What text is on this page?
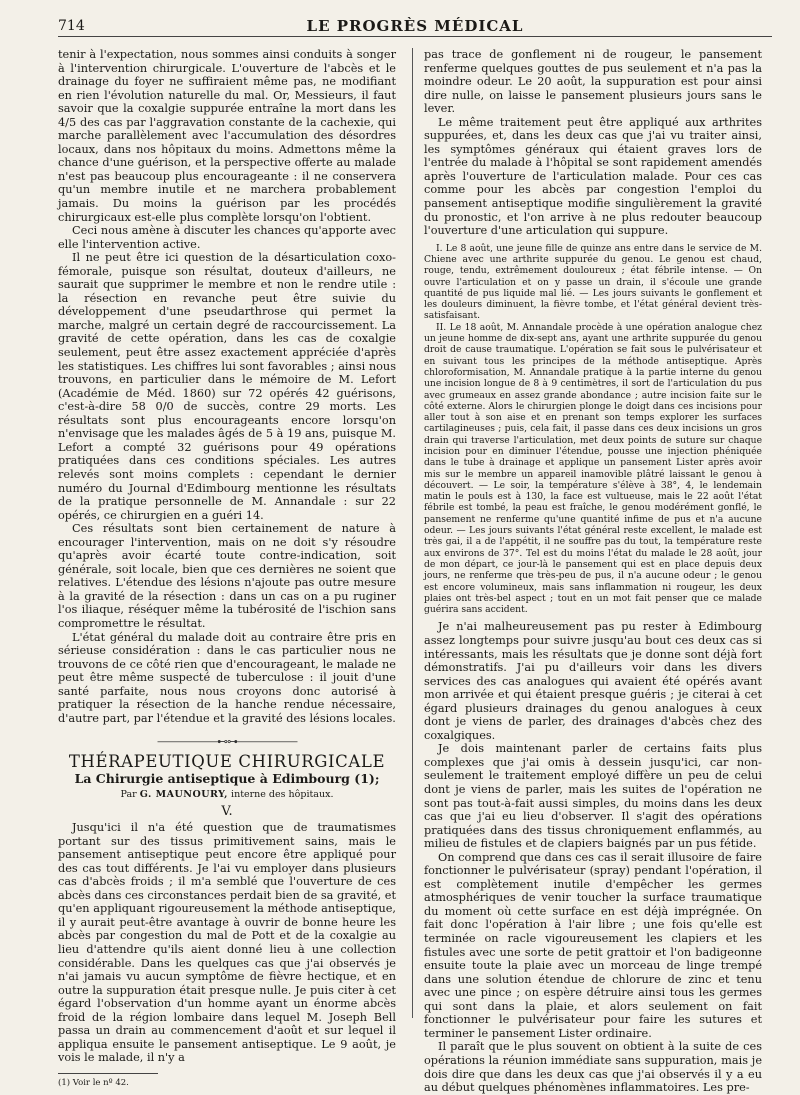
714	LE PROGRÈS MÉDICAL

tenir à l'expectation, nous sommes ainsi conduits à songer à l'intervention chirurgicale. L'ouverture de l'abcès et le drainage du foyer ne suffiraient même pas, ne modifiant en rien l'évolution naturelle du mal. Or, Messieurs, il faut savoir que la coxalgie suppurée entraîne la mort dans les 4/5 des cas par l'aggravation constante de la cachexie, qui marche parallèlement avec l'accumulation des désordres locaux, dans nos hôpitaux du moins. Admettons même la chance d'une guérison, et la perspective offerte au malade n'est pas beaucoup plus encourageante : il ne conservera qu'un membre inutile et ne marchera probablement jamais. Du moins la guérison par les procédés chirurgicaux est-elle plus complète lorsqu'on l'obtient.

Ceci nous amène à discuter les chances qu'apporte avec elle l'intervention active.

Il ne peut être ici question de la désarticulation coxo-fémorale, puisque son résultat, douteux d'ailleurs, ne saurait que supprimer le membre et non le rendre utile : la résection en revanche peut être suivie du développement d'une pseudarthrose qui permet la marche, malgré un certain degré de raccourcissement. La gravité de cette opération, dans les cas de coxalgie seulement, peut être assez exactement appréciée d'après les statistiques. Les chiffres lui sont favorables ; ainsi nous trouvons, en particulier dans le mémoire de M. Lefort (Académie de Méd. 1860) sur 72 opérés 42 guérisons, c'est-à-dire 58 0/0 de succès, contre 29 morts. Les résultats sont plus encourageants encore lorsqu'on n'envisage que les malades âgés de 5 à 19 ans, puisque M. Lefort a compté 32 guérisons pour 49 opérations pratiquées dans ces conditions spéciales. Les autres relevés sont moins complets : cependant le dernier numéro du Journal d'Edimbourg mentionne les résultats de la pratique personnelle de M. Annandale : sur 22 opérés, ce chirurgien en a guéri 14.

Ces résultats sont bien certainement de nature à encourager l'intervention, mais on ne doit s'y résoudre qu'après avoir écarté toute contre-indication, soit générale, soit locale, bien que ces dernières ne soient que relatives. L'étendue des lésions n'ajoute pas outre mesure à la gravité de la résection : dans un cas on a pu ruginer l'os iliaque, réséquer même la tubérosité de l'ischion sans compromettre le résultat.

L'état général du malade doit au contraire être pris en sérieuse considération : dans le cas particulier nous ne trouvons de ce côté rien que d'encourageant, le malade ne peut être même suspecté de tuberculose : il jouit d'une santé parfaite, nous nous croyons donc autorisé à pratiquer la résection de la hanche rendue nécessaire, d'autre part, par l'étendue et la gravité des lésions locales.

——————⊷⊶——————
THÉRAPEUTIQUE CHIRURGICALE
La Chirurgie antiseptique à Edimbourg (1);
Par G. MAUNOURY, interne des hôpitaux.
V.

Jusqu'ici il n'a été question que de traumatismes portant sur des tissus primitivement sains, mais le pansement antiseptique peut encore être appliqué pour des cas tout différents. Je l'ai vu employer dans plusieurs cas d'abcès froids ; il m'a semblé que l'ouverture de ces abcès dans ces circonstances perdait bien de sa gravité, et qu'en appliquant rigoureusement la méthode antiseptique, il y aurait peut-être avantage à ouvrir de bonne heure les abcès par congestion du mal de Pott et de la coxalgie au lieu d'attendre qu'ils aient donné lieu à une collection considérable. Dans les quelques cas que j'ai observés je n'ai jamais vu aucun symptôme de fièvre hectique, et en outre la suppuration était presque nulle. Je puis citer à cet égard l'observation d'un homme ayant un énorme abcès froid de la région lombaire dans lequel M. Joseph Bell passa un drain au commencement d'août et sur lequel il appliqua ensuite le pansement antiseptique. Le 9 août, je vois le malade, il n'y a

(1) Voir le nº 42.

pas trace de gonflement ni de rougeur, le pansement renferme quelques gouttes de pus seulement et n'a pas la moindre odeur. Le 20 août, la suppuration est pour ainsi dire nulle, on laisse le pansement plusieurs jours sans le lever.

Le même traitement peut être appliqué aux arthrites suppurées, et, dans les deux cas que j'ai vu traiter ainsi, les symptômes généraux qui étaient graves lors de l'entrée du malade à l'hôpital se sont rapidement amendés après l'ouverture de l'articulation malade. Pour ces cas comme pour les abcès par congestion l'emploi du pansement antiseptique modifie singulièrement la gravité du pronostic, et l'on arrive à ne plus redouter beaucoup l'ouverture d'une articulation qui suppure.

I. Le 8 août, une jeune fille de quinze ans entre dans le service de M. Chiene avec une arthrite suppurée du genou. Le genou est chaud, rouge, tendu, extrêmement douloureux ; état fébrile intense. — On ouvre l'articulation et on y passe un drain, il s'écoule une grande quantité de pus liquide mal lié. — Les jours suivants le gonflement et les douleurs diminuent, la fièvre tombe, et l'état général devient très-satisfaisant.

II. Le 18 août, M. Annandale procède à une opération analogue chez un jeune homme de dix-sept ans, ayant une arthrite suppurée du genou droit de cause traumatique. L'opération se fait sous le pulvérisateur et en suivant tous les principes de la méthode antiseptique. Après chloroformisation, M. Annandale pratique à la partie interne du genou une incision longue de 8 à 9 centimètres, il sort de l'articulation du pus avec grumeaux en assez grande abondance ; autre incision faite sur le côté externe. Alors le chirurgien plonge le doigt dans ces incisions pour aller tout à son aise et en prenant son temps explorer les surfaces cartilagineuses ; puis, cela fait, il passe dans ces deux incisions un gros drain qui traverse l'articulation, met deux points de suture sur chaque incision pour en diminuer l'étendue, pousse une injection phéniquée dans le tube à drainage et applique un pansement Lister après avoir mis sur le membre un appareil inamovible plâtré laissant le genou à découvert. — Le soir, la température s'élève à 38°, 4, le lendemain matin le pouls est à 130, la face est vultueuse, mais le 22 août l'état fébrile est tombé, la peau est fraîche, le genou modérément gonflé, le pansement ne renferme qu'une quantité infime de pus et n'a aucune odeur. — Les jours suivants l'état général reste excellent, le malade est très gai, il a de l'appétit, il ne souffre pas du tout, la température reste aux environs de 37°. Tel est du moins l'état du malade le 28 août, jour de mon départ, ce jour-là le pansement qui est en place depuis deux jours, ne renferme que très-peu de pus, il n'a aucune odeur ; le genou est encore volumineux, mais sans inflammation ni rougeur, les deux plaies ont très-bel aspect ; tout en un mot fait penser que ce malade guérira sans accident.

Je n'ai malheureusement pas pu rester à Edimbourg assez longtemps pour suivre jusqu'au bout ces deux cas si intéressants, mais les résultats que je donne sont déjà fort démonstratifs. J'ai pu d'ailleurs voir dans les divers services des cas analogues qui avaient été opérés avant mon arrivée et qui étaient presque guéris ; je citerai à cet égard plusieurs drainages du genou analogues à ceux dont je viens de parler, des drainages d'abcès chez des coxalgiques.

Je dois maintenant parler de certains faits plus complexes que j'ai omis à dessein jusqu'ici, car non-seulement le traitement employé diffère un peu de celui dont je viens de parler, mais les suites de l'opération ne sont pas tout-à-fait aussi simples, du moins dans les deux cas que j'ai eu lieu d'observer. Il s'agit des opérations pratiquées dans des tissus chroniquement enflammés, au milieu de fistules et de clapiers baignés par un pus fétide.

On comprend que dans ces cas il serait illusoire de faire fonctionner le pulvérisateur (spray) pendant l'opération, il est complètement inutile d'empêcher les germes atmosphériques de venir toucher la surface traumatique du moment où cette surface en est déjà imprégnée. On fait donc l'opération à l'air libre ; une fois qu'elle est terminée on racle vigoureusement les clapiers et les fistules avec une sorte de petit grattoir et l'on badigeonne ensuite toute la plaie avec un morceau de linge trempé dans une solution étendue de chlorure de zinc et tenu avec une pince ; on espère détruire ainsi tous les germes qui sont dans la plaie, et alors seulement on fait fonctionner le pulvérisateur pour faire les sutures et terminer le pansement Lister ordinaire.

Il paraît que le plus souvent on obtient à la suite de ces opérations la réunion immédiate sans suppuration, mais je dois dire que dans les deux cas que j'ai observés il y a eu au début quelques phénomènes inflammatoires. Les pre-
